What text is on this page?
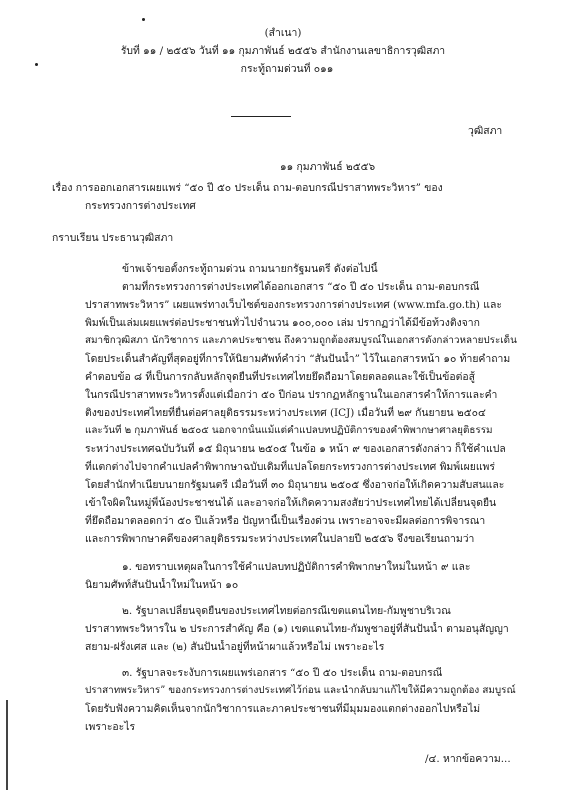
(สำเนา)
รับที่ ๑๑ / ๒๕๕๖ วันที่ ๑๑ กุมภาพันธ์ ๒๕๕๖ สำนักงานเลขาธิการวุฒิสภา
กระทู้ถามด่วนที่ ๐๑๑
วุฒิสภา
๑๑ กุมภาพันธ์ ๒๕๕๖
เรื่อง การออกเอกสารเผยแพร่ “๕๐ ปี ๕๐ ประเด็น ถาม-ตอบกรณีปราสาทพระวิหาร” ของ
กระทรวงการต่างประเทศ
กราบเรียน ประธานวุฒิสภา
ข้าพเจ้าขอตั้งกระทู้ถามด่วน ถามนายกรัฐมนตรี ดังต่อไปนี้
ตามที่กระทรวงการต่างประเทศได้ออกเอกสาร “๕๐ ปี ๕๐ ประเด็น ถาม-ตอบกรณี
ปราสาทพระวิหาร” เผยแพร่ทางเว็บไซต์ของกระทรวงการต่างประเทศ (www.mfa.go.th) และ
พิมพ์เป็นเล่มเผยแพร่ต่อประชาชนทั่วไปจำนวน ๑๐๐,๐๐๐ เล่ม ปรากฏว่าได้มีข้อท้วงติงจาก
สมาชิกวุฒิสภา นักวิชาการ และภาคประชาชน ถึงความถูกต้องสมบูรณ์ในเอกสารดังกล่าวหลายประเด็น
โดยประเด็นสำคัญที่สุดอยู่ที่การให้นิยามศัพท์คำว่า “สันปันน้ำ” ไว้ในเอกสารหน้า ๑๐ ท้ายคำถาม
คำตอบข้อ ๘ ที่เป็นการกลับหลักจุดยืนที่ประเทศไทยยึดถือมาโดยตลอดและใช้เป็นข้อต่อสู้
ในกรณีปราสาทพระวิหารตั้งแต่เมื่อกว่า ๕๐ ปีก่อน ปรากฏหลักฐานในเอกสารคำให้การและคำ
ติงของประเทศไทยที่ยื่นต่อศาลยุติธรรมระหว่างประเทศ (ICJ) เมื่อวันที่ ๒๙ กันยายน ๒๕๐๔
และวันที่ ๒ กุมภาพันธ์ ๒๕๐๕ นอกจากนั้นแม้แต่คำแปลบทปฏิบัติการของคำพิพากษาศาลยุติธรรม
ระหว่างประเทศฉบับวันที่ ๑๕ มิถุนายน ๒๕๐๕ ในข้อ ๑ หน้า ๙ ของเอกสารดังกล่าว ก็ใช้คำแปล
ที่แตกต่างไปจากคำแปลคำพิพากษาฉบับเดิมที่แปลโดยกระทรวงการต่างประเทศ พิมพ์เผยแพร่
โดยสำนักทำเนียบนายกรัฐมนตรี เมื่อวันที่ ๓๐ มิถุนายน ๒๕๐๕ ซึ่งอาจก่อให้เกิดความสับสนและ
เข้าใจผิดในหมู่พี่น้องประชาชนได้ และอาจก่อให้เกิดความสงสัยว่าประเทศไทยได้เปลี่ยนจุดยืน
ที่ยึดถือมาตลอดกว่า ๕๐ ปีแล้วหรือ ปัญหานี้เป็นเรื่องด่วน เพราะอาจจะมีผลต่อการพิจารณา
และการพิพากษาคดีของศาลยุติธรรมระหว่างประเทศในปลายปี ๒๕๕๖ จึงขอเรียนถามว่า
๑. ขอทราบเหตุผลในการใช้คำแปลบทปฏิบัติการคำพิพากษาใหม่ในหน้า ๙ และ
นิยามศัพท์สันปันน้ำใหม่ในหน้า ๑๐
๒. รัฐบาลเปลี่ยนจุดยืนของประเทศไทยต่อกรณีเขตแดนไทย-กัมพูชาบริเวณ
ปราสาทพระวิหารใน ๒ ประการสำคัญ คือ (๑) เขตแดนไทย-กัมพูชาอยู่ที่สันปันน้ำ ตามอนุสัญญา
สยาม-ฝรั่งเศส และ (๒) สันปันน้ำอยู่ที่หน้าผาแล้วหรือไม่ เพราะอะไร
๓. รัฐบาลจะระงับการเผยแพร่เอกสาร “๕๐ ปี ๕๐ ประเด็น ถาม-ตอบกรณี
ปราสาทพระวิหาร” ของกระทรวงการต่างประเทศไว้ก่อน และนำกลับมาแก้ไขให้มีความถูกต้อง สมบูรณ์
โดยรับฟังความคิดเห็นจากนักวิชาการและภาคประชาชนที่มีมุมมองแตกต่างออกไปหรือไม่
เพราะอะไร
/๔. หากข้อความ...
